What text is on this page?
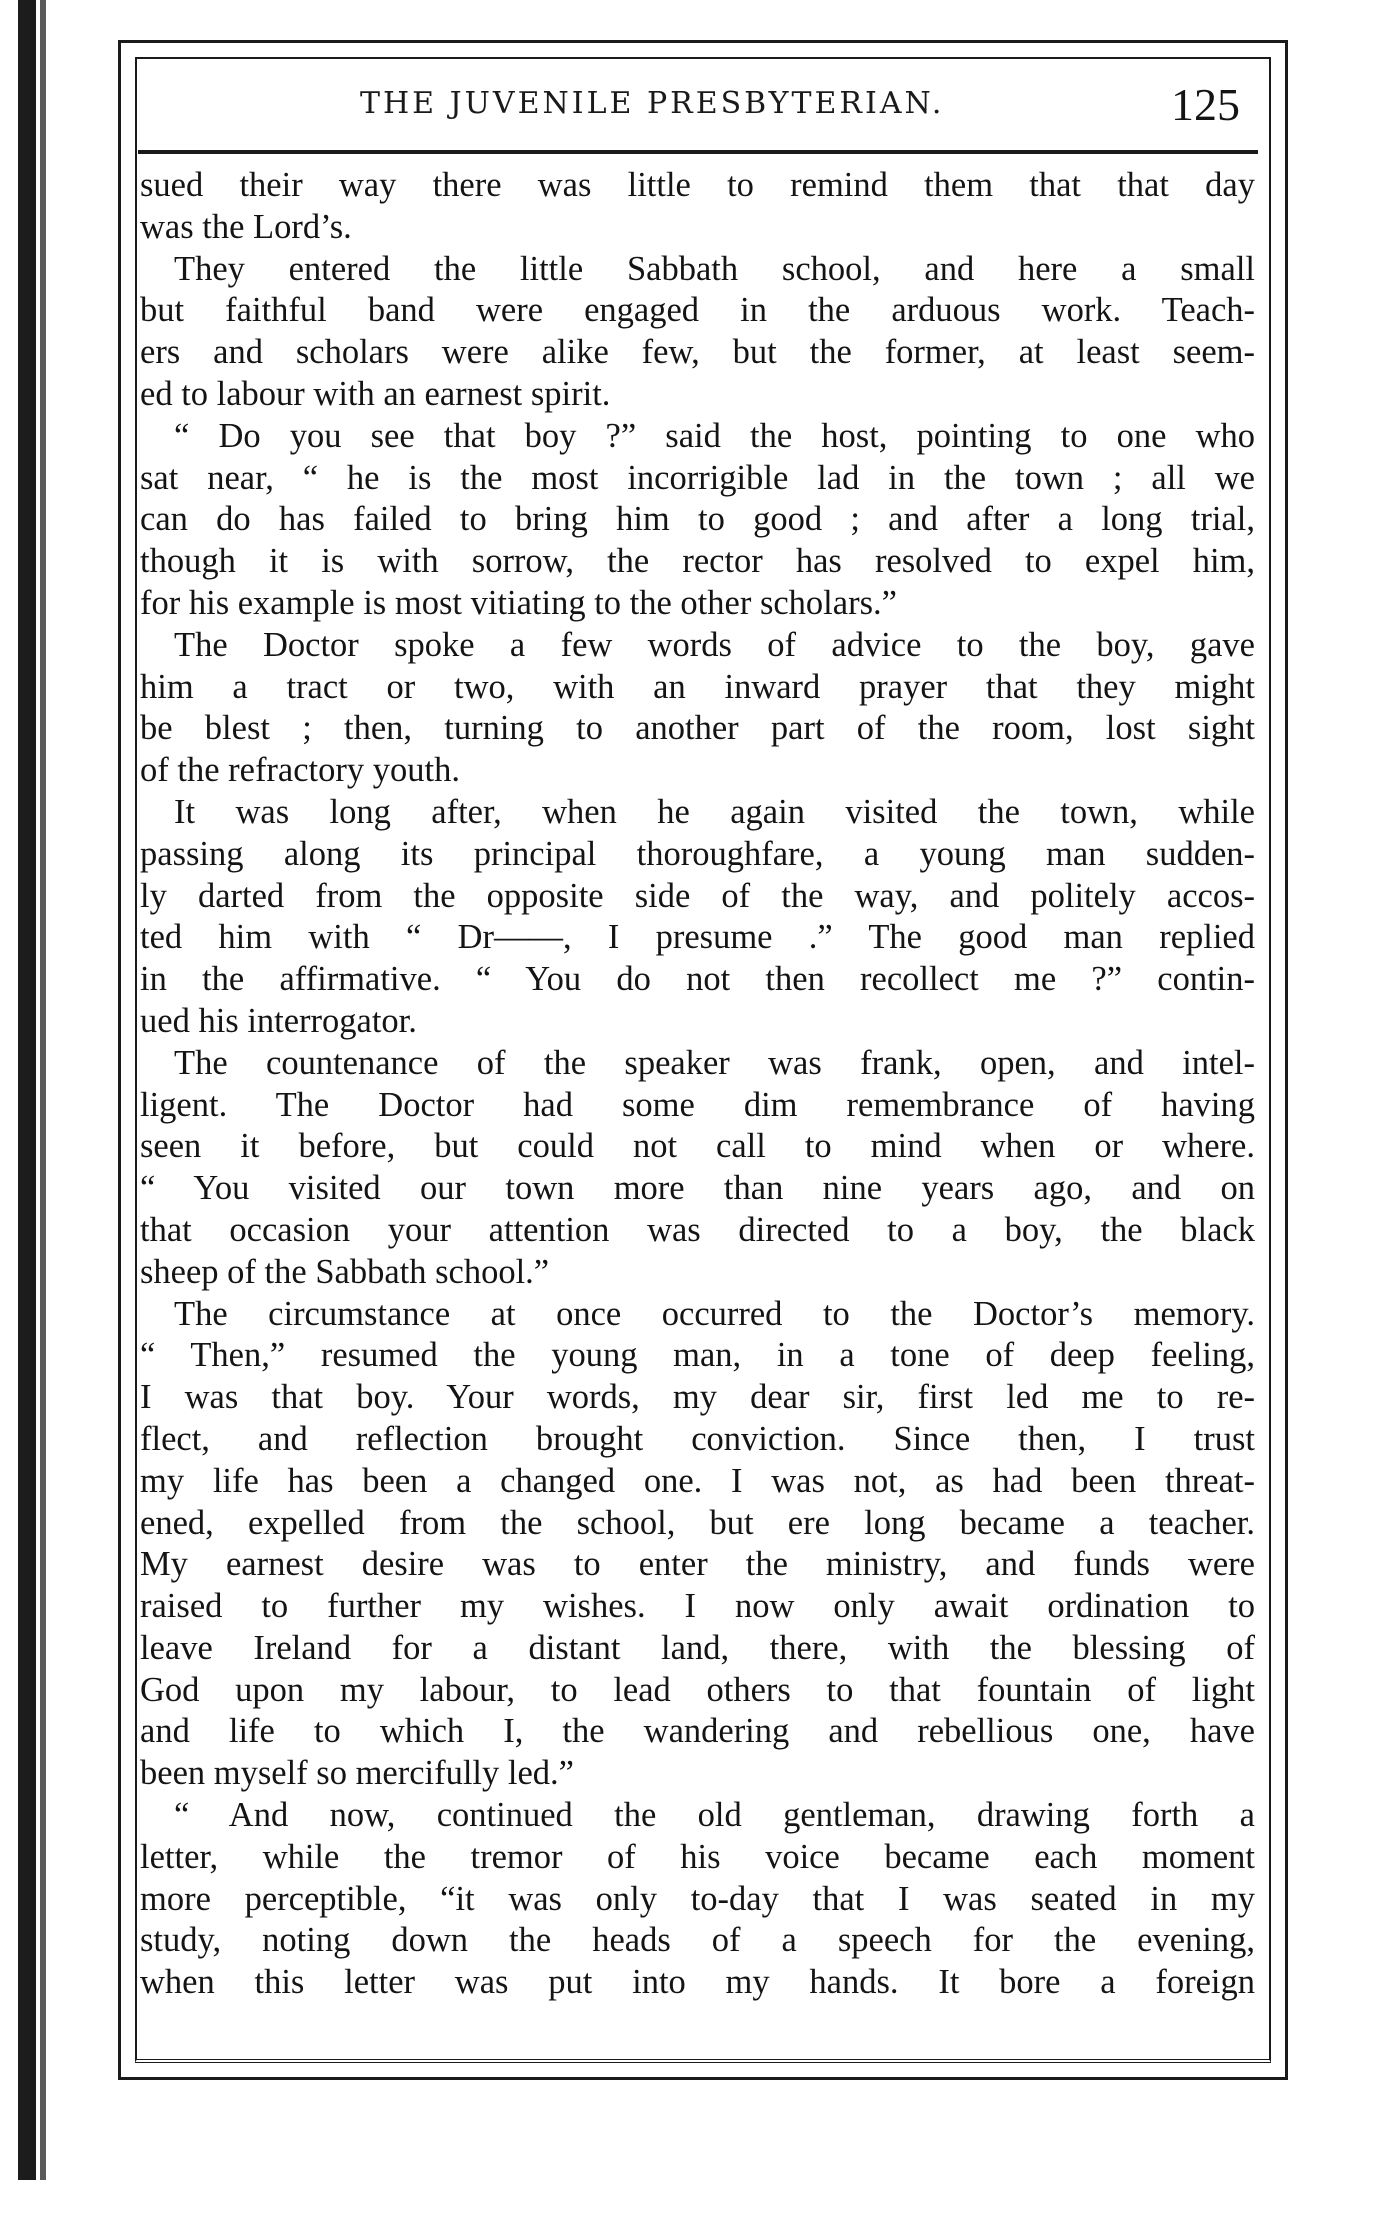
THE JUVENILE PRESBYTERIAN.	125
sued their way there was little to remind them that that day
was the Lord’s.
They entered the little Sabbath school, and here a small
but faithful band were engaged in the arduous work. Teach-
ers and scholars were alike few, but the former, at least seem-
ed to labour with an earnest spirit.
“ Do you see that boy ?” said the host, pointing to one who
sat near, “ he is the most incorrigible lad in the town ; all we
can do has failed to bring him to good ; and after a long trial,
though it is with sorrow, the rector has resolved to expel him,
for his example is most vitiating to the other scholars.”
The Doctor spoke a few words of advice to the boy, gave
him a tract or two, with an inward prayer that they might
be blest ; then, turning to another part of the room, lost sight
of the refractory youth.
It was long after, when he again visited the town, while
passing along its principal thoroughfare, a young man sudden-
ly darted from the opposite side of the way, and politely accos-
ted him with “ Dr——, I presume .” The good man replied
in the affirmative. “ You do not then recollect me ?” contin-
ued his interrogator.
The countenance of the speaker was frank, open, and intel-
ligent. The Doctor had some dim remembrance of having
seen it before, but could not call to mind when or where.
“ You visited our town more than nine years ago, and on
that occasion your attention was directed to a boy, the black
sheep of the Sabbath school.”
The circumstance at once occurred to the Doctor’s memory.
“ Then,” resumed the young man, in a tone of deep feeling,
I was that boy. Your words, my dear sir, first led me to re-
flect, and reflection brought conviction. Since then, I trust
my life has been a changed one. I was not, as had been threat-
ened, expelled from the school, but ere long became a teacher.
My earnest desire was to enter the ministry, and funds were
raised to further my wishes. I now only await ordination to
leave Ireland for a distant land, there, with the blessing of
God upon my labour, to lead others to that fountain of light
and life to which I, the wandering and rebellious one, have
been myself so mercifully led.”
“ And now, continued the old gentleman, drawing forth a
letter, while the tremor of his voice became each moment
more perceptible, “it was only to-day that I was seated in my
study, noting down the heads of a speech for the evening,
when this letter was put into my hands. It bore a foreign
